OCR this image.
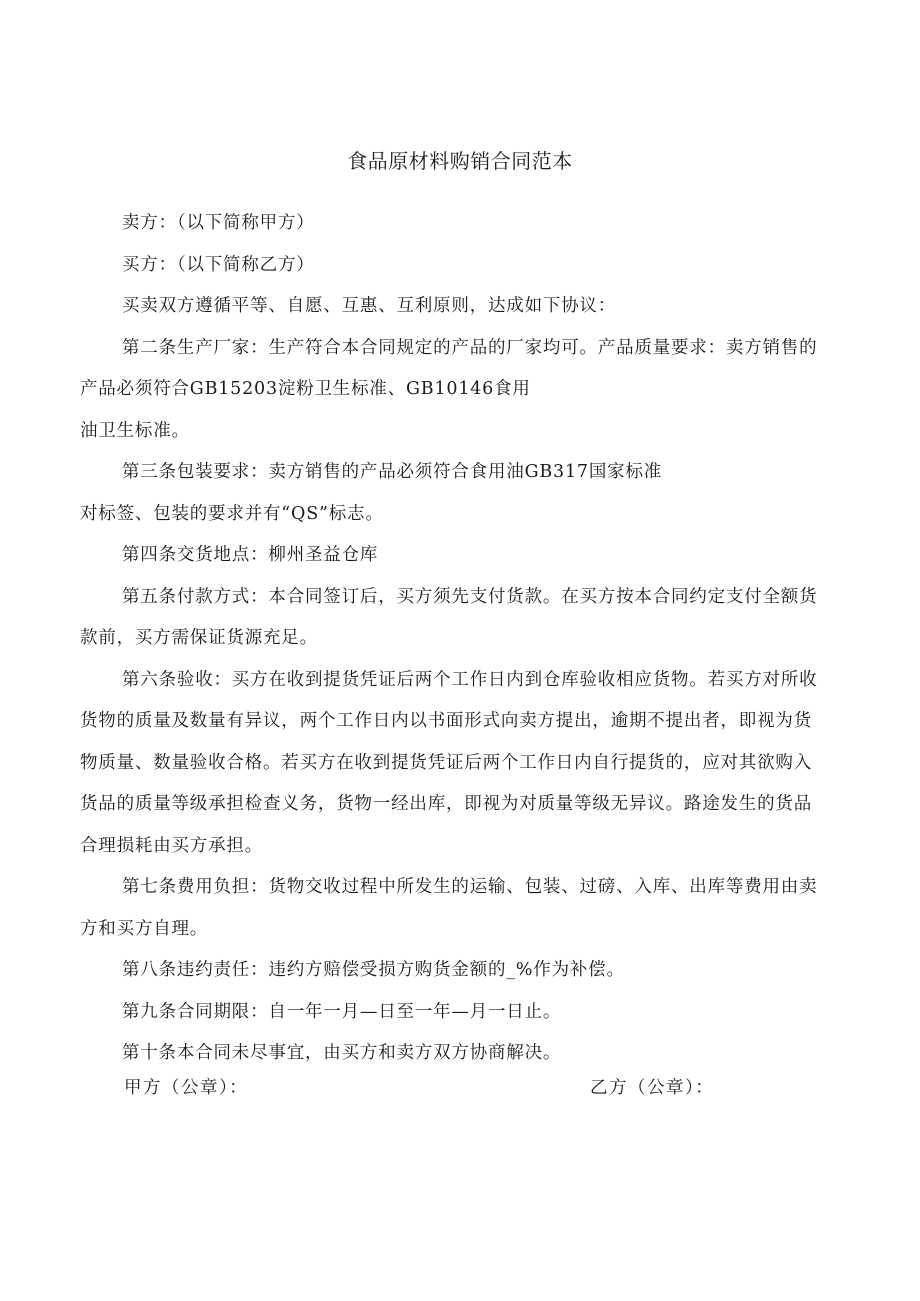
食品原材料购销合同范本

卖方：（以下简称甲方）

买方：（以下简称乙方）

买卖双方遵循平等、自愿、互惠、互利原则，达成如下协议：

第二条生产厂家：生产符合本合同规定的产品的厂家均可。产品质量要求：卖方销售的产品必须符合GB15203淀粉卫生标准、GB10146食用

油卫生标准。

第三条包装要求：卖方销售的产品必须符合食用油GB317国家标准

对标签、包装的要求并有“QS”标志。

第四条交货地点：柳州圣益仓库

第五条付款方式：本合同签订后，买方须先支付货款。在买方按本合同约定支付全额货款前，买方需保证货源充足。

第六条验收：买方在收到提货凭证后两个工作日内到仓库验收相应货物。若买方对所收货物的质量及数量有异议，两个工作日内以书面形式向卖方提出，逾期不提出者，即视为货物质量、数量验收合格。若买方在收到提货凭证后两个工作日内自行提货的，应对其欲购入货品的质量等级承担检查义务，货物一经出库，即视为对质量等级无异议。路途发生的货品合理损耗由买方承担。

第七条费用负担：货物交收过程中所发生的运输、包装、过磅、入库、出库等费用由卖方和买方自理。

第八条违约责任：违约方赔偿受损方购货金额的_%作为补偿。

第九条合同期限：自一年一月—日至一年—月一日止。

第十条本合同未尽事宜，由买方和卖方双方协商解决。

甲方（公章）：	乙方（公章）：
